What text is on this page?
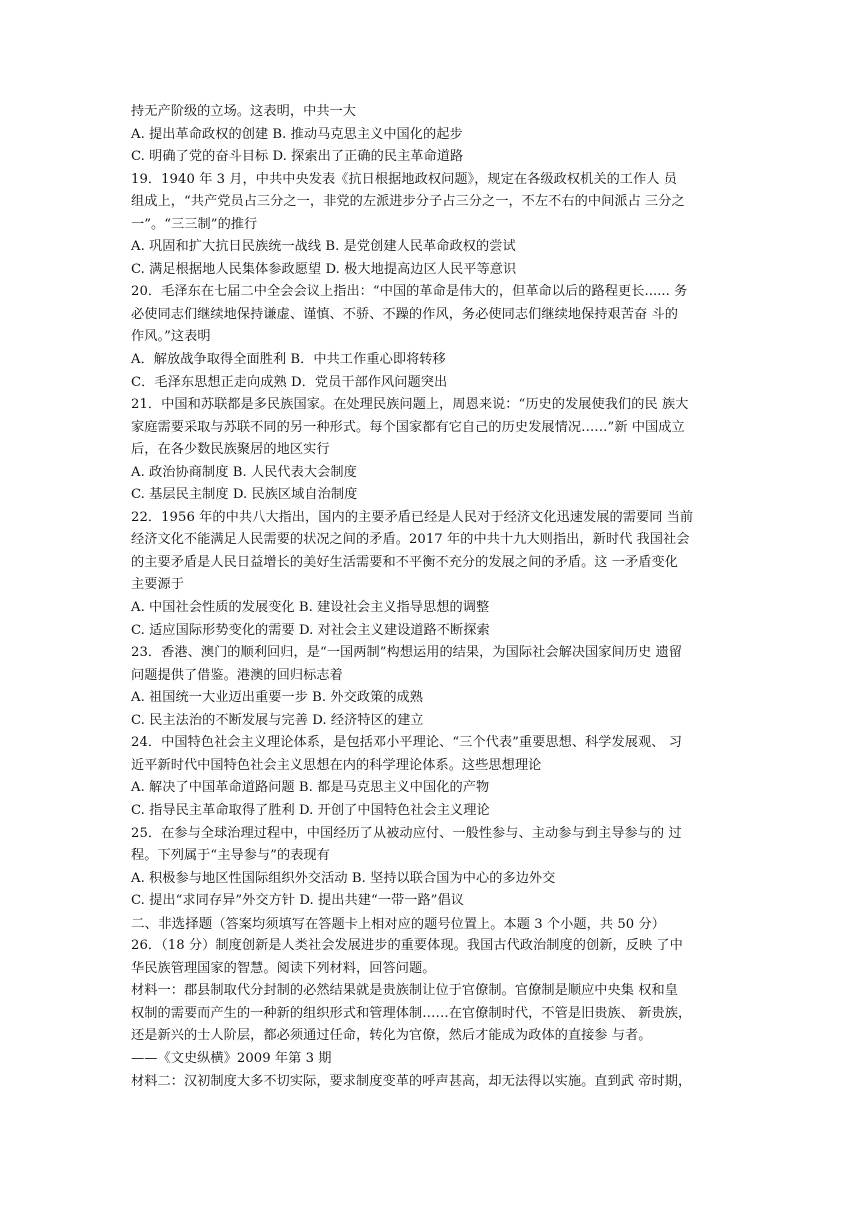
持无产阶级的立场。这表明，中共一大
A. 提出革命政权的创建 B. 推动马克思主义中国化的起步
C. 明确了党的奋斗目标 D. 探索出了正确的民主革命道路
19．1940 年 3 月，中共中央发表《抗日根据地政权问题》，规定在各级政权机关的工作人 员
组成上，“共产党员占三分之一，非党的左派进步分子占三分之一，不左不右的中间派占 三分之
一”。“三三制”的推行
A. 巩固和扩大抗日民族统一战线 B. 是党创建人民革命政权的尝试
C. 满足根据地人民集体参政愿望 D. 极大地提高边区人民平等意识
20．毛泽东在七届二中全会会议上指出：“中国的革命是伟大的，但革命以后的路程更长...... 务
必使同志们继续地保持谦虚、谨慎、不骄、不躁的作风，务必使同志们继续地保持艰苦奋 斗的
作风。”这表明
A．解放战争取得全面胜利 B．中共工作重心即将转移
C．毛泽东思想正走向成熟 D．党员干部作风问题突出
21．中国和苏联都是多民族国家。在处理民族问题上，周恩来说：“历史的发展使我们的民 族大
家庭需要采取与苏联不同的另一种形式。每个国家都有它自己的历史发展情况……”新 中国成立
后，在各少数民族聚居的地区实行
A. 政治协商制度 B. 人民代表大会制度
C. 基层民主制度 D. 民族区域自治制度
22．1956 年的中共八大指出，国内的主要矛盾已经是人民对于经济文化迅速发展的需要同 当前
经济文化不能满足人民需要的状况之间的矛盾。2017 年的中共十九大则指出，新时代 我国社会
的主要矛盾是人民日益增长的美好生活需要和不平衡不充分的发展之间的矛盾。这 一矛盾变化
主要源于
A. 中国社会性质的发展变化 B. 建设社会主义指导思想的调整
C. 适应国际形势变化的需要 D. 对社会主义建设道路不断探索
23．香港、澳门的顺利回归，是“一国两制”构想运用的结果，为国际社会解决国家间历史 遗留
问题提供了借鉴。港澳的回归标志着
A. 祖国统一大业迈出重要一步 B. 外交政策的成熟
C. 民主法治的不断发展与完善 D. 经济特区的建立
24．中国特色社会主义理论体系，是包括邓小平理论、“三个代表”重要思想、科学发展观、 习
近平新时代中国特色社会主义思想在内的科学理论体系。这些思想理论
A. 解决了中国革命道路问题 B. 都是马克思主义中国化的产物
C. 指导民主革命取得了胜利 D. 开创了中国特色社会主义理论
25．在参与全球治理过程中，中国经历了从被动应付、一般性参与、主动参与到主导参与的 过
程。下列属于“主导参与”的表现有
A. 积极参与地区性国际组织外交活动 B. 坚持以联合国为中心的多边外交
C. 提出“求同存异”外交方针 D. 提出共建“一带一路”倡议
二、非选择题（答案均须填写在答题卡上相对应的题号位置上。本题 3 个小题，共 50 分）
26．（18 分）制度创新是人类社会发展进步的重要体现。我国古代政治制度的创新，反映 了中
华民族管理国家的智慧。阅读下列材料，回答问题。
材料一：郡县制取代分封制的必然结果就是贵族制让位于官僚制。官僚制是顺应中央集 权和皇
权制的需要而产生的一种新的组织形式和管理体制……在官僚制时代，不管是旧贵族、 新贵族，
还是新兴的士人阶层，都必须通过任命，转化为官僚，然后才能成为政体的直接参 与者。
——《文史纵横》2009 年第 3 期
材料二：汉初制度大多不切实际，要求制度变革的呼声甚高，却无法得以实施。直到武 帝时期，
